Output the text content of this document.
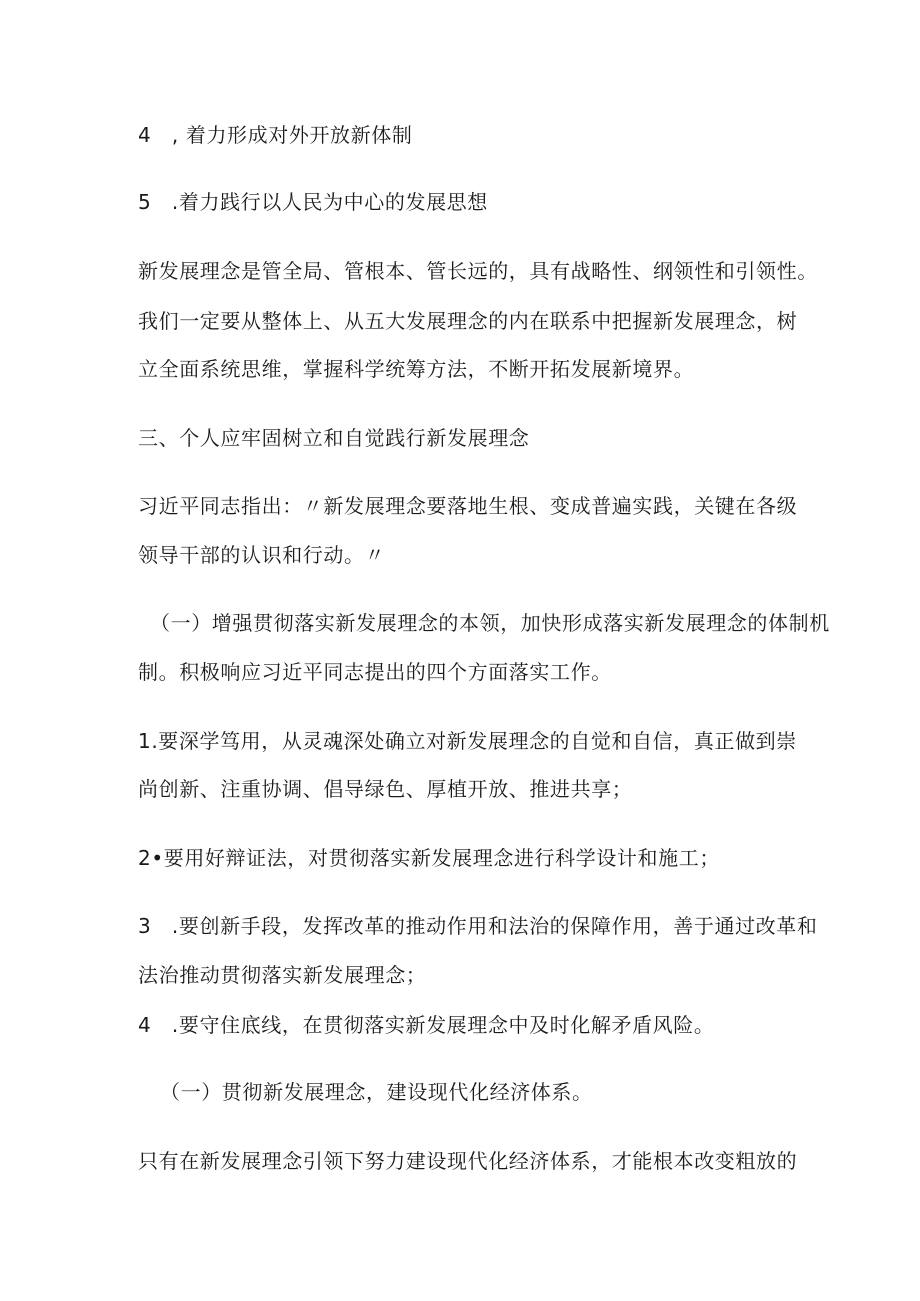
4　, 着力形成对外开放新体制
5　.着力践行以人民为中心的发展思想
新发展理念是管全局、管根本、管长远的，具有战略性、纲领性和引领性。
我们一定要从整体上、从五大发展理念的内在联系中把握新发展理念，树
立全面系统思维，掌握科学统筹方法，不断开拓发展新境界。
三、个人应牢固树立和自觉践行新发展理念
习近平同志指出：〃新发展理念要落地生根、变成普遍实践，关键在各级
领导干部的认识和行动。〃
（一）增强贯彻落实新发展理念的本领，加快形成落实新发展理念的体制机
制。积极响应习近平同志提出的四个方面落实工作。
1.要深学笃用，从灵魂深处确立对新发展理念的自觉和自信，真正做到崇
尚创新、注重协调、倡导绿色、厚植开放、推进共享；
2•要用好辩证法，对贯彻落实新发展理念进行科学设计和施工；
3　.要创新手段，发挥改革的推动作用和法治的保障作用，善于通过改革和
法治推动贯彻落实新发展理念；
4　.要守住底线，在贯彻落实新发展理念中及时化解矛盾风险。
（一）贯彻新发展理念，建设现代化经济体系。
只有在新发展理念引领下努力建设现代化经济体系，才能根本改变粗放的
